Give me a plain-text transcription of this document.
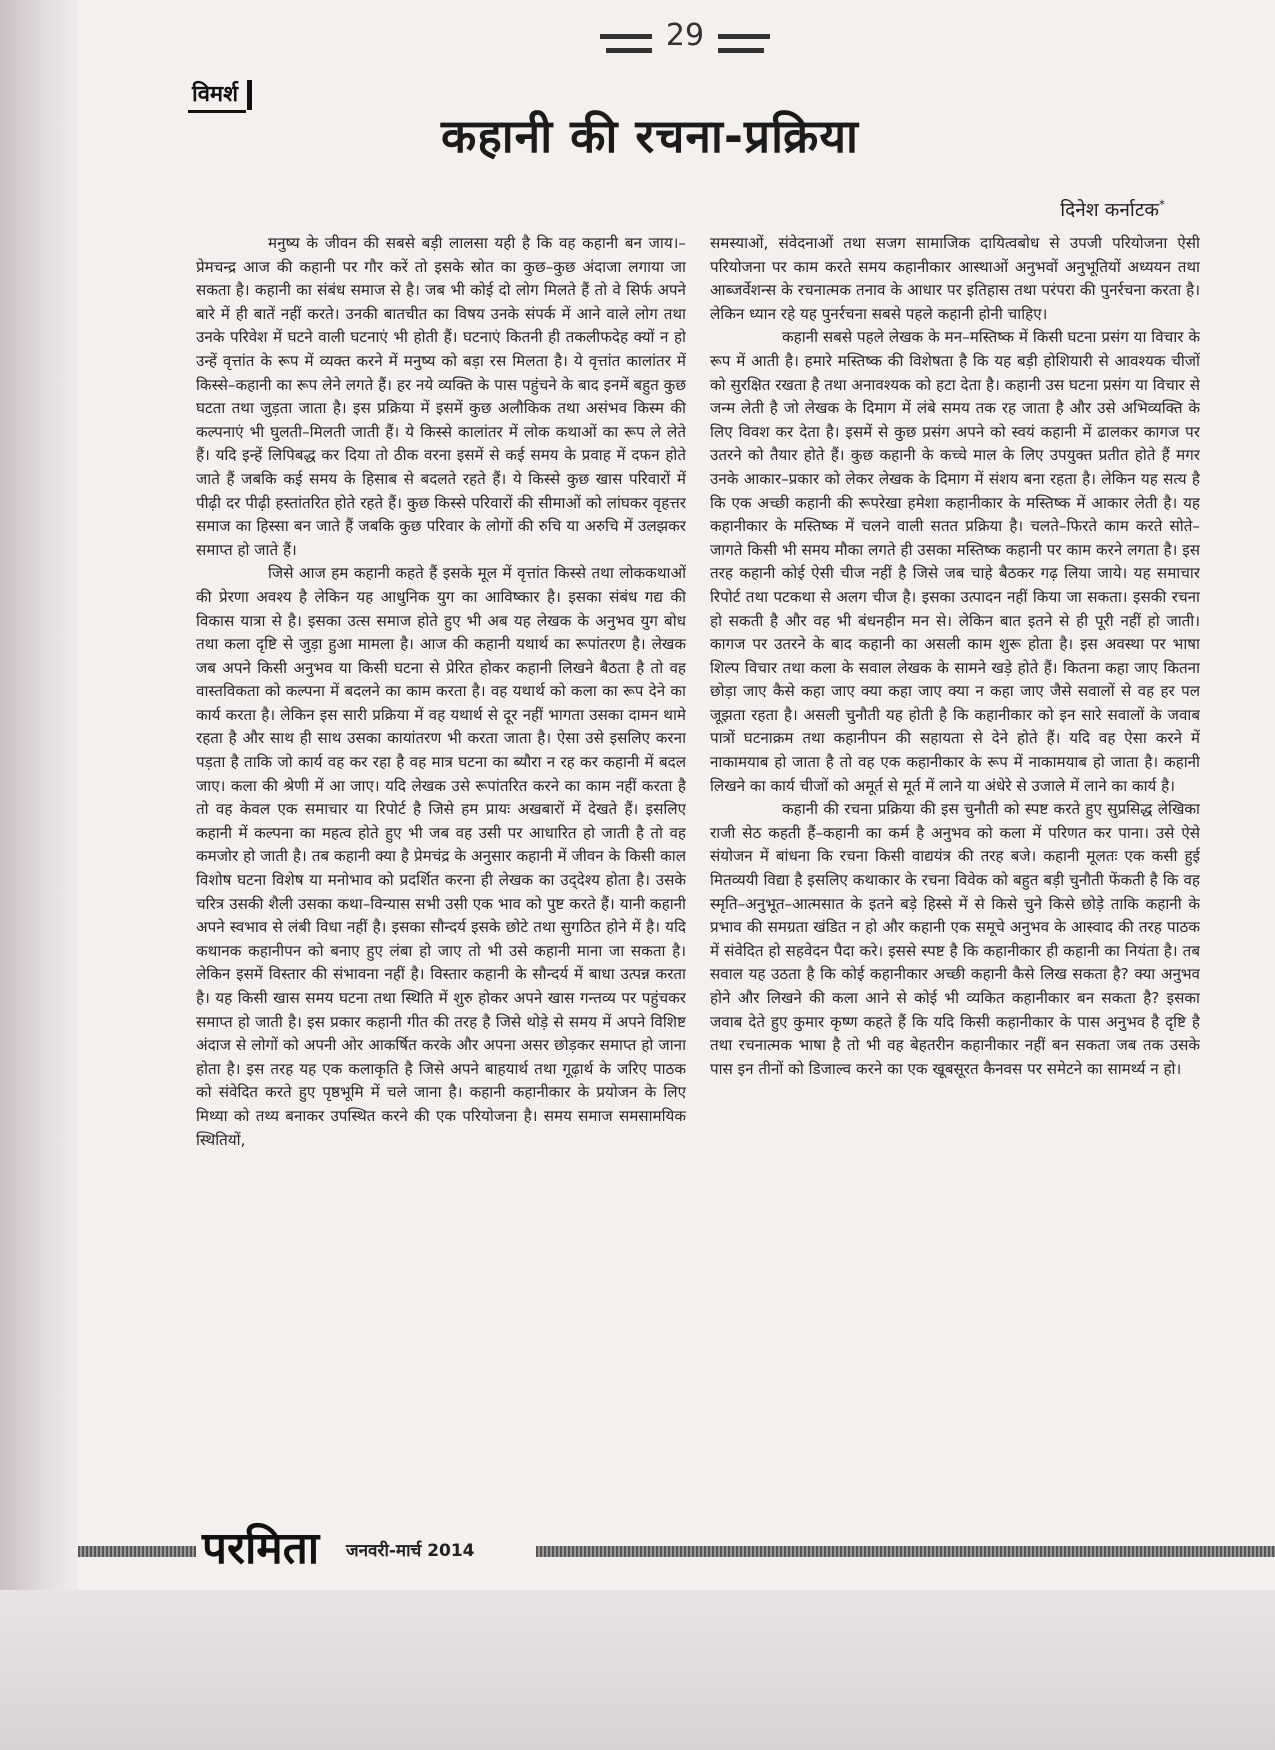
29
विमर्श
कहानी की रचना-प्रक्रिया
दिनेश कर्नाटक*

मनुष्य के जीवन की सबसे बड़ी लालसा यही है कि वह कहानी बन जाय।–प्रेमचन्द्र आज की कहानी पर गौर करें तो इसके स्रोत का कुछ–कुछ अंदाजा लगाया जा सकता है। कहानी का संबंध समाज से है। जब भी कोई दो लोग मिलते हैं तो वे सिर्फ अपने बारे में ही बातें नहीं करते। उनकी बातचीत का विषय उनके संपर्क में आने वाले लोग तथा उनके परिवेश में घटने वाली घटनाएं भी होती हैं। घटनाएं कितनी ही तकलीफदेह क्यों न हो उन्हें वृत्तांत के रूप में व्यक्त करने में मनुष्य को बड़ा रस मिलता है। ये वृत्तांत कालांतर में किस्से–कहानी का रूप लेने लगते हैं। हर नये व्यक्ति के पास पहुंचने के बाद इनमें बहुत कुछ घटता तथा जुड़ता जाता है। इस प्रक्रिया में इसमें कुछ अलौकिक तथा असंभव किस्म की कल्पनाएं भी घुलती–मिलती जाती हैं। ये किस्से कालांतर में लोक कथाओं का रूप ले लेते हैं। यदि इन्हें लिपिबद्ध कर दिया तो ठीक वरना इसमें से कई समय के प्रवाह में दफन होते जाते हैं जबकि कई समय के हिसाब से बदलते रहते हैं। ये किस्से कुछ खास परिवारों में पीढ़ी दर पीढ़ी हस्तांतरित होते रहते हैं। कुछ किस्से परिवारों की सीमाओं को लांघकर वृहत्तर समाज का हिस्सा बन जाते हैं जबकि कुछ परिवार के लोगों की रुचि या अरुचि में उलझकर समाप्त हो जाते हैं।

जिसे आज हम कहानी कहते हैं इसके मूल में वृत्तांत किस्से तथा लोककथाओं की प्रेरणा अवश्य है लेकिन यह आधुनिक युग का आविष्कार है। इसका संबंध गद्य की विकास यात्रा से है। इसका उत्स समाज होते हुए भी अब यह लेखक के अनुभव युग बोध तथा कला दृष्टि से जुड़ा हुआ मामला है। आज की कहानी यथार्थ का रूपांतरण है। लेखक जब अपने किसी अनुभव या किसी घटना से प्रेरित होकर कहानी लिखने बैठता है तो वह वास्तविकता को कल्पना में बदलने का काम करता है। वह यथार्थ को कला का रूप देने का कार्य करता है। लेकिन इस सारी प्रक्रिया में वह यथार्थ से दूर नहीं भागता उसका दामन थामे रहता है और साथ ही साथ उसका कायांतरण भी करता जाता है। ऐसा उसे इसलिए करना पड़ता है ताकि जो कार्य वह कर रहा है वह मात्र घटना का ब्यौरा न रह कर कहानी में बदल जाए। कला की श्रेणी में आ जाए। यदि लेखक उसे रूपांतरित करने का काम नहीं करता है तो वह केवल एक समाचार या रिपोर्ट है जिसे हम प्रायः अखबारों में देखते हैं। इसलिए कहानी में कल्पना का महत्व होते हुए भी जब वह उसी पर आधारित हो जाती है तो वह कमजोर हो जाती है। तब कहानी क्या है प्रेमचंद्र के अनुसार कहानी में जीवन के किसी काल विशोष घटना विशेष या मनोभाव को प्रदर्शित करना ही लेखक का उद्‌देश्य होता है। उसके चरित्र उसकी शैली उसका कथा–विन्यास सभी उसी एक भाव को पुष्ट करते हैं। यानी कहानी अपने स्वभाव से लंबी विधा नहीं है। इसका सौन्दर्य इसके छोटे तथा सुगठित होने में है। यदि कथानक कहानीपन को बनाए हुए लंबा हो जाए तो भी उसे कहानी माना जा सकता है। लेकिन इसमें विस्तार की संभावना नहीं है। विस्तार कहानी के सौन्दर्य में बाधा उत्पन्न करता है। यह किसी खास समय घटना तथा स्थिति में शुरु होकर अपने खास गन्तव्य पर पहुंचकर समाप्त हो जाती है। इस प्रकार कहानी गीत की तरह है जिसे थोड़े से समय में अपने विशिष्ट अंदाज से लोगों को अपनी ओर आकर्षित करके और अपना असर छोड़कर समाप्त हो जाना होता है। इस तरह यह एक कलाकृति है जिसे अपने बाहयार्थ तथा गूढ़ार्थ के जरिए पाठक को संवेदित करते हुए पृष्ठभूमि में चले जाना है। कहानी कहानीकार के प्रयोजन के लिए मिथ्या को तथ्य बनाकर उपस्थित करने की एक परियोजना है। समय समाज समसामयिक स्थितियों,

समस्याओं, संवेदनाओं तथा सजग सामाजिक दायित्वबोध से उपजी परियोजना ऐसी परियोजना पर काम करते समय कहानीकार आस्थाओं अनुभवों अनुभूतियों अध्ययन तथा आब्जर्वेशन्स के रचनात्मक तनाव के आधार पर इतिहास तथा परंपरा की पुनर्रचना करता है। लेकिन ध्यान रहे यह पुनर्रचना सबसे पहले कहानी होनी चाहिए।

कहानी सबसे पहले लेखक के मन–मस्तिष्क में किसी घटना प्रसंग या विचार के रूप में आती है। हमारे मस्तिष्क की विशेषता है कि यह बड़ी होशियारी से आवश्यक चीजों को सुरक्षित रखता है तथा अनावश्यक को हटा देता है। कहानी उस घटना प्रसंग या विचार से जन्म लेती है जो लेखक के दिमाग में लंबे समय तक रह जाता है और उसे अभिव्यक्ति के लिए विवश कर देता है। इसमें से कुछ प्रसंग अपने को स्वयं कहानी में ढालकर कागज पर उतरने को तैयार होते हैं। कुछ कहानी के कच्चे माल के लिए उपयुक्त प्रतीत होते हैं मगर उनके आकार–प्रकार को लेकर लेखक के दिमाग में संशय बना रहता है। लेकिन यह सत्य है कि एक अच्छी कहानी की रूपरेखा हमेशा कहानीकार के मस्तिष्क में आकार लेती है। यह कहानीकार के मस्तिष्क में चलने वाली सतत प्रक्रिया है। चलते–फिरते काम करते सोते–जागते किसी भी समय मौका लगते ही उसका मस्तिष्क कहानी पर काम करने लगता है। इस तरह कहानी कोई ऐसी चीज नहीं है जिसे जब चाहे बैठकर गढ़ लिया जाये। यह समाचार रिपोर्ट तथा पटकथा से अलग चीज है। इसका उत्पादन नहीं किया जा सकता। इसकी रचना हो सकती है और वह भी बंधनहीन मन से। लेकिन बात इतने से ही पूरी नहीं हो जाती। कागज पर उतरने के बाद कहानी का असली काम शुरू होता है। इस अवस्था पर भाषा शिल्प विचार तथा कला के सवाल लेखक के सामने खड़े होते हैं। कितना कहा जाए कितना छोड़ा जाए कैसे कहा जाए क्या कहा जाए क्या न कहा जाए जैसे सवालों से वह हर पल जूझता रहता है। असली चुनौती यह होती है कि कहानीकार को इन सारे सवालों के जवाब पात्रों घटनाक्रम तथा कहानीपन की सहायता से देने होते हैं। यदि वह ऐसा करने में नाकामयाब हो जाता है तो वह एक कहानीकार के रूप में नाकामयाब हो जाता है। कहानी लिखने का कार्य चीजों को अमूर्त से मूर्त में लाने या अंधेरे से उजाले में लाने का कार्य है।

कहानी की रचना प्रक्रिया की इस चुनौती को स्पष्ट करते हुए सुप्रसिद्ध लेखिका राजी सेठ कहती हैं–कहानी का कर्म है अनुभव को कला में परिणत कर पाना। उसे ऐसे संयोजन में बांधना कि रचना किसी वाद्ययंत्र की तरह बजे। कहानी मूलतः एक कसी हुई मितव्ययी विद्या है इसलिए कथाकार के रचना विवेक को बहुत बड़ी चुनौती फेंकती है कि वह स्मृति–अनुभूत–आत्मसात के इतने बड़े हिस्से में से किसे चुने किसे छोड़े ताकि कहानी के प्रभाव की समग्रता खंडित न हो और कहानी एक समूचे अनुभव के आस्वाद की तरह पाठक में संवेदित हो सहवेदन पैदा करे। इससे स्पष्ट है कि कहानीकार ही कहानी का नियंता है। तब सवाल यह उठता है कि कोई कहानीकार अच्छी कहानी कैसे लिख सकता है? क्या अनुभव होने और लिखने की कला आने से कोई भी व्यकित कहानीकार बन सकता है? इसका जवाब देते हुए कुमार कृष्ण कहते हैं कि यदि किसी कहानीकार के पास अनुभव है दृष्टि है तथा रचनात्मक भाषा है तो भी वह बेहतरीन कहानीकार नहीं बन सकता जब तक उसके पास इन तीनों को डिजाल्व करने का एक खूबसूरत कैनवस पर समेटने का सामर्थ्य न हो।

परमिता जनवरी-मार्च 2014
